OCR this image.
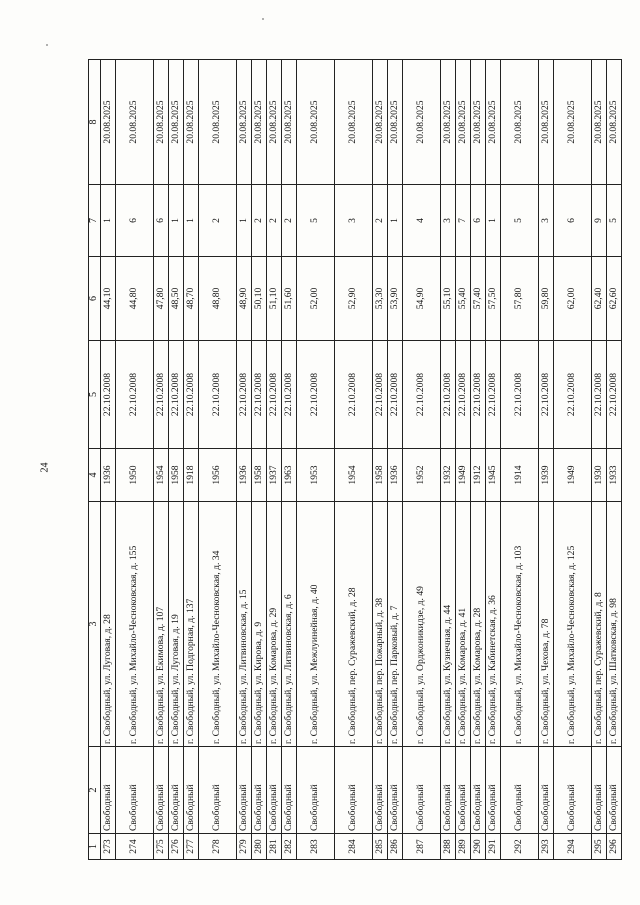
24
1	2	3	4	5	6	7	8
273	Свободный	г. Свободный, ул. Луговая, д. 28	1936	22.10.2008	44,10	1	20.08.2025
274	Свободный	г. Свободный, ул. Михайло-Чесноковская, д. 155	1950	22.10.2008	44,80	6	20.08.2025
275	Свободный	г. Свободный, ул. Екимова, д. 107	1954	22.10.2008	47,80	6	20.08.2025
276	Свободный	г. Свободный, ул. Луговая, д. 19	1958	22.10.2008	48,50	1	20.08.2025
277	Свободный	г. Свободный, ул. Подгорная, д. 137	1918	22.10.2008	48,70	1	20.08.2025
278	Свободный	г. Свободный, ул. Михайло-Чесноковская, д. 34	1956	22.10.2008	48,80	2	20.08.2025
279	Свободный	г. Свободный, ул. Литвиновская, д. 15	1936	22.10.2008	48,90	1	20.08.2025
280	Свободный	г. Свободный, ул. Кирова, д. 9	1958	22.10.2008	50,10	2	20.08.2025
281	Свободный	г. Свободный, ул. Комарова, д. 29	1937	22.10.2008	51,10	2	20.08.2025
282	Свободный	г. Свободный, ул. Литвиновская, д. 6	1963	22.10.2008	51,60	2	20.08.2025
283	Свободный	г. Свободный, ул. Межлуинейная, д. 40	1953	22.10.2008	52,00	5	20.08.2025
284	Свободный	г. Свободный, пер. Суражевский, д. 28	1954	22.10.2008	52,90	3	20.08.2025
285	Свободный	г. Свободный, пер. Пожарный, д. 38	1958	22.10.2008	53,30	2	20.08.2025
286	Свободный	г. Свободный, пер. Парковый, д. 7	1936	22.10.2008	53,90	1	20.08.2025
287	Свободный	г. Свободный, ул. Орджоникидзе, д. 49	1952	22.10.2008	54,90	4	20.08.2025
288	Свободный	г. Свободный, ул. Кузнечная, д. 44	1932	22.10.2008	55,10	3	20.08.2025
289	Свободный	г. Свободный, ул. Комарова, д. 41	1949	22.10.2008	55,40	7	20.08.2025
290	Свободный	г. Свободный, ул. Комарова, д. 28	1912	22.10.2008	57,40	6	20.08.2025
291	Свободный	г. Свободный, ул. Кабинетская, д. 36	1945	22.10.2008	57,50	1	20.08.2025
292	Свободный	г. Свободный, ул. Михайло-Чесноковская, д. 103	1914	22.10.2008	57,80	5	20.08.2025
293	Свободный	г. Свободный, ул. Чехова, д. 78	1939	22.10.2008	59,80	3	20.08.2025
294	Свободный	г. Свободный, ул. Михайло-Чесноковская, д. 125	1949	22.10.2008	62,00	6	20.08.2025
295	Свободный	г. Свободный, пер. Суражевский, д. 8	1930	22.10.2008	62,40	9	20.08.2025
296	Свободный	г. Свободный, ул. Шатковская, д. 98	1933	22.10.2008	62,60	5	20.08.2025
